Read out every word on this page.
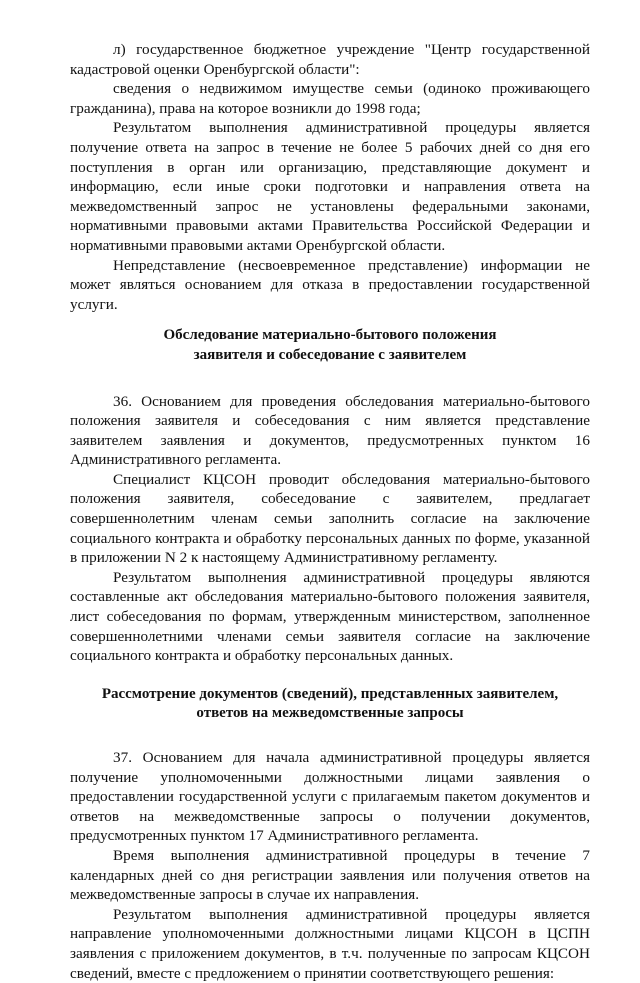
л) государственное бюджетное учреждение "Центр государственной кадастровой оценки Оренбургской области":

сведения о недвижимом имуществе семьи (одиноко проживающего гражданина), права на которое возникли до 1998 года;

Результатом выполнения административной процедуры является получение ответа на запрос в течение не более 5 рабочих дней со дня его поступления в орган или организацию, представляющие документ и информацию, если иные сроки подготовки и направления ответа на межведомственный запрос не установлены федеральными законами, нормативными правовыми актами Правительства Российской Федерации и нормативными правовыми актами Оренбургской области.

Непредставление (несвоевременное представление) информации не может являться основанием для отказа в предоставлении государственной услуги.

Обследование материально-бытового положения
заявителя и собеседование с заявителем

36. Основанием для проведения обследования материально-бытового положения заявителя и собеседования с ним является представление заявителем заявления и документов, предусмотренных пунктом 16 Административного регламента.

Специалист КЦСОН проводит обследования материально-бытового положения заявителя, собеседование с заявителем, предлагает совершеннолетним членам семьи заполнить согласие на заключение социального контракта и обработку персональных данных по форме, указанной в приложении N 2 к настоящему Административному регламенту.

Результатом выполнения административной процедуры являются составленные акт обследования материально-бытового положения заявителя, лист собеседования по формам, утвержденным министерством, заполненное совершеннолетними членами семьи заявителя согласие на заключение социального контракта и обработку персональных данных.

Рассмотрение документов (сведений), представленных заявителем,
ответов на межведомственные запросы

37. Основанием для начала административной процедуры является получение уполномоченными должностными лицами заявления о предоставлении государственной услуги с прилагаемым пакетом документов и ответов на межведомственные запросы о получении документов, предусмотренных пунктом 17 Административного регламента.

Время выполнения административной процедуры в течение 7 календарных дней со дня регистрации заявления или получения ответов на межведомственные запросы в случае их направления.

Результатом выполнения административной процедуры является направление уполномоченными должностными лицами КЦСОН в ЦСПН заявления с приложением документов, в т.ч. полученные по запросам КЦСОН сведений, вместе с предложением о принятии соответствующего решения:
